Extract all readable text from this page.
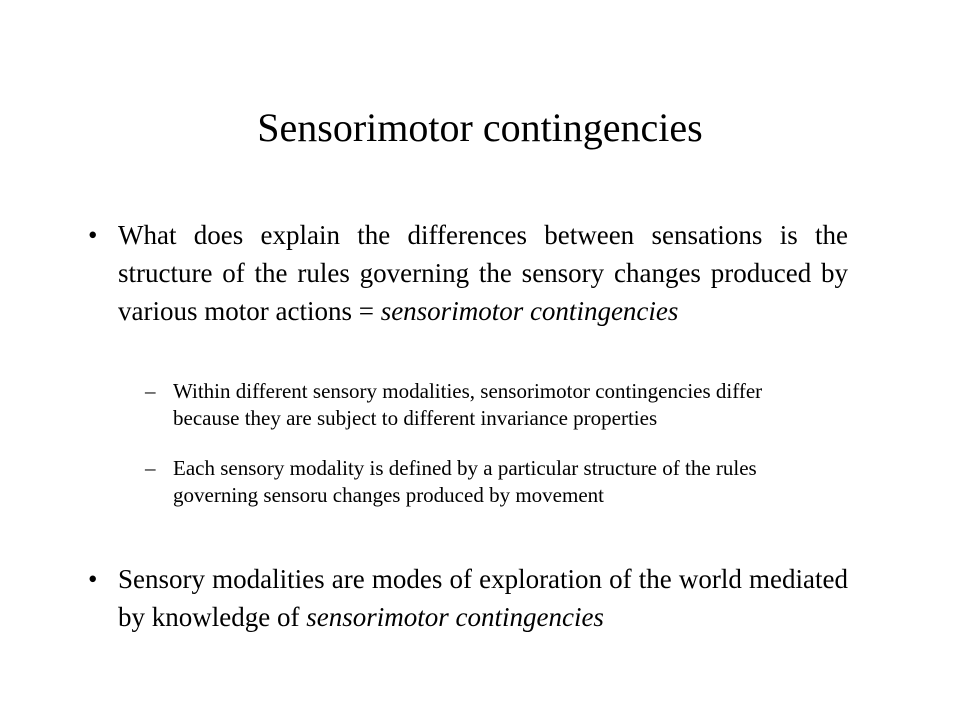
Sensorimotor contingencies
• What does explain the differences between sensations is the structure of the rules governing the sensory changes produced by various motor actions = sensorimotor contingencies
– Within different sensory modalities, sensorimotor contingencies differ because they are subject to different invariance properties
– Each sensory modality is defined by a particular structure of the rules governing sensoru changes produced by movement
• Sensory modalities are modes of exploration of the world mediated by knowledge of sensorimotor contingencies
